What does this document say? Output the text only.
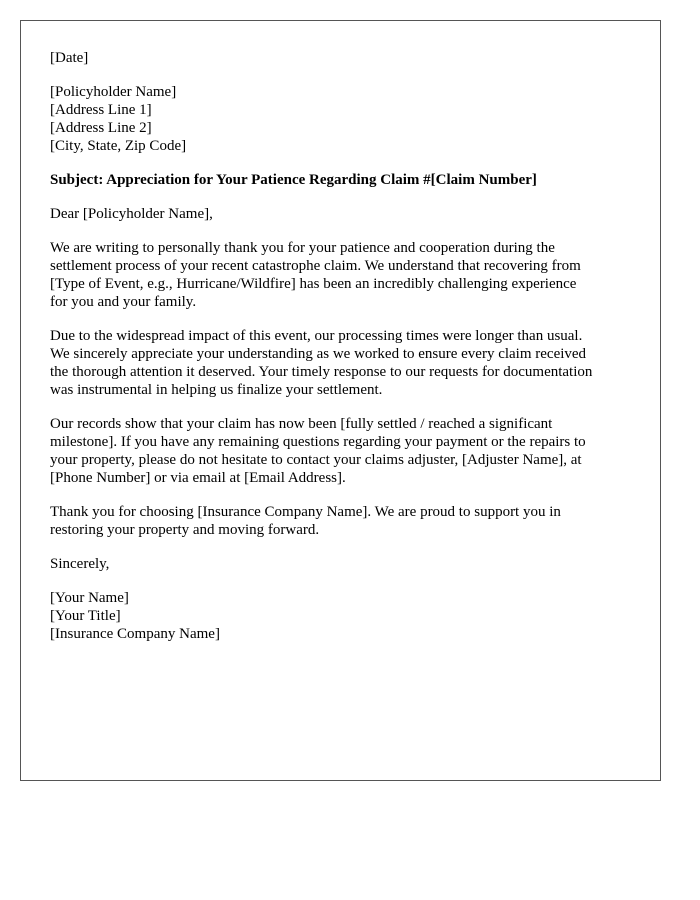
[Date]

[Policyholder Name]
[Address Line 1]
[Address Line 2]
[City, State, Zip Code]

Subject: Appreciation for Your Patience Regarding Claim #[Claim Number]

Dear [Policyholder Name],

We are writing to personally thank you for your patience and cooperation during the
settlement process of your recent catastrophe claim. We understand that recovering from
[Type of Event, e.g., Hurricane/Wildfire] has been an incredibly challenging experience
for you and your family.

Due to the widespread impact of this event, our processing times were longer than usual.
We sincerely appreciate your understanding as we worked to ensure every claim received
the thorough attention it deserved. Your timely response to our requests for documentation
was instrumental in helping us finalize your settlement.

Our records show that your claim has now been [fully settled / reached a significant
milestone]. If you have any remaining questions regarding your payment or the repairs to
your property, please do not hesitate to contact your claims adjuster, [Adjuster Name], at
[Phone Number] or via email at [Email Address].

Thank you for choosing [Insurance Company Name]. We are proud to support you in
restoring your property and moving forward.

Sincerely,

[Your Name]
[Your Title]
[Insurance Company Name]
